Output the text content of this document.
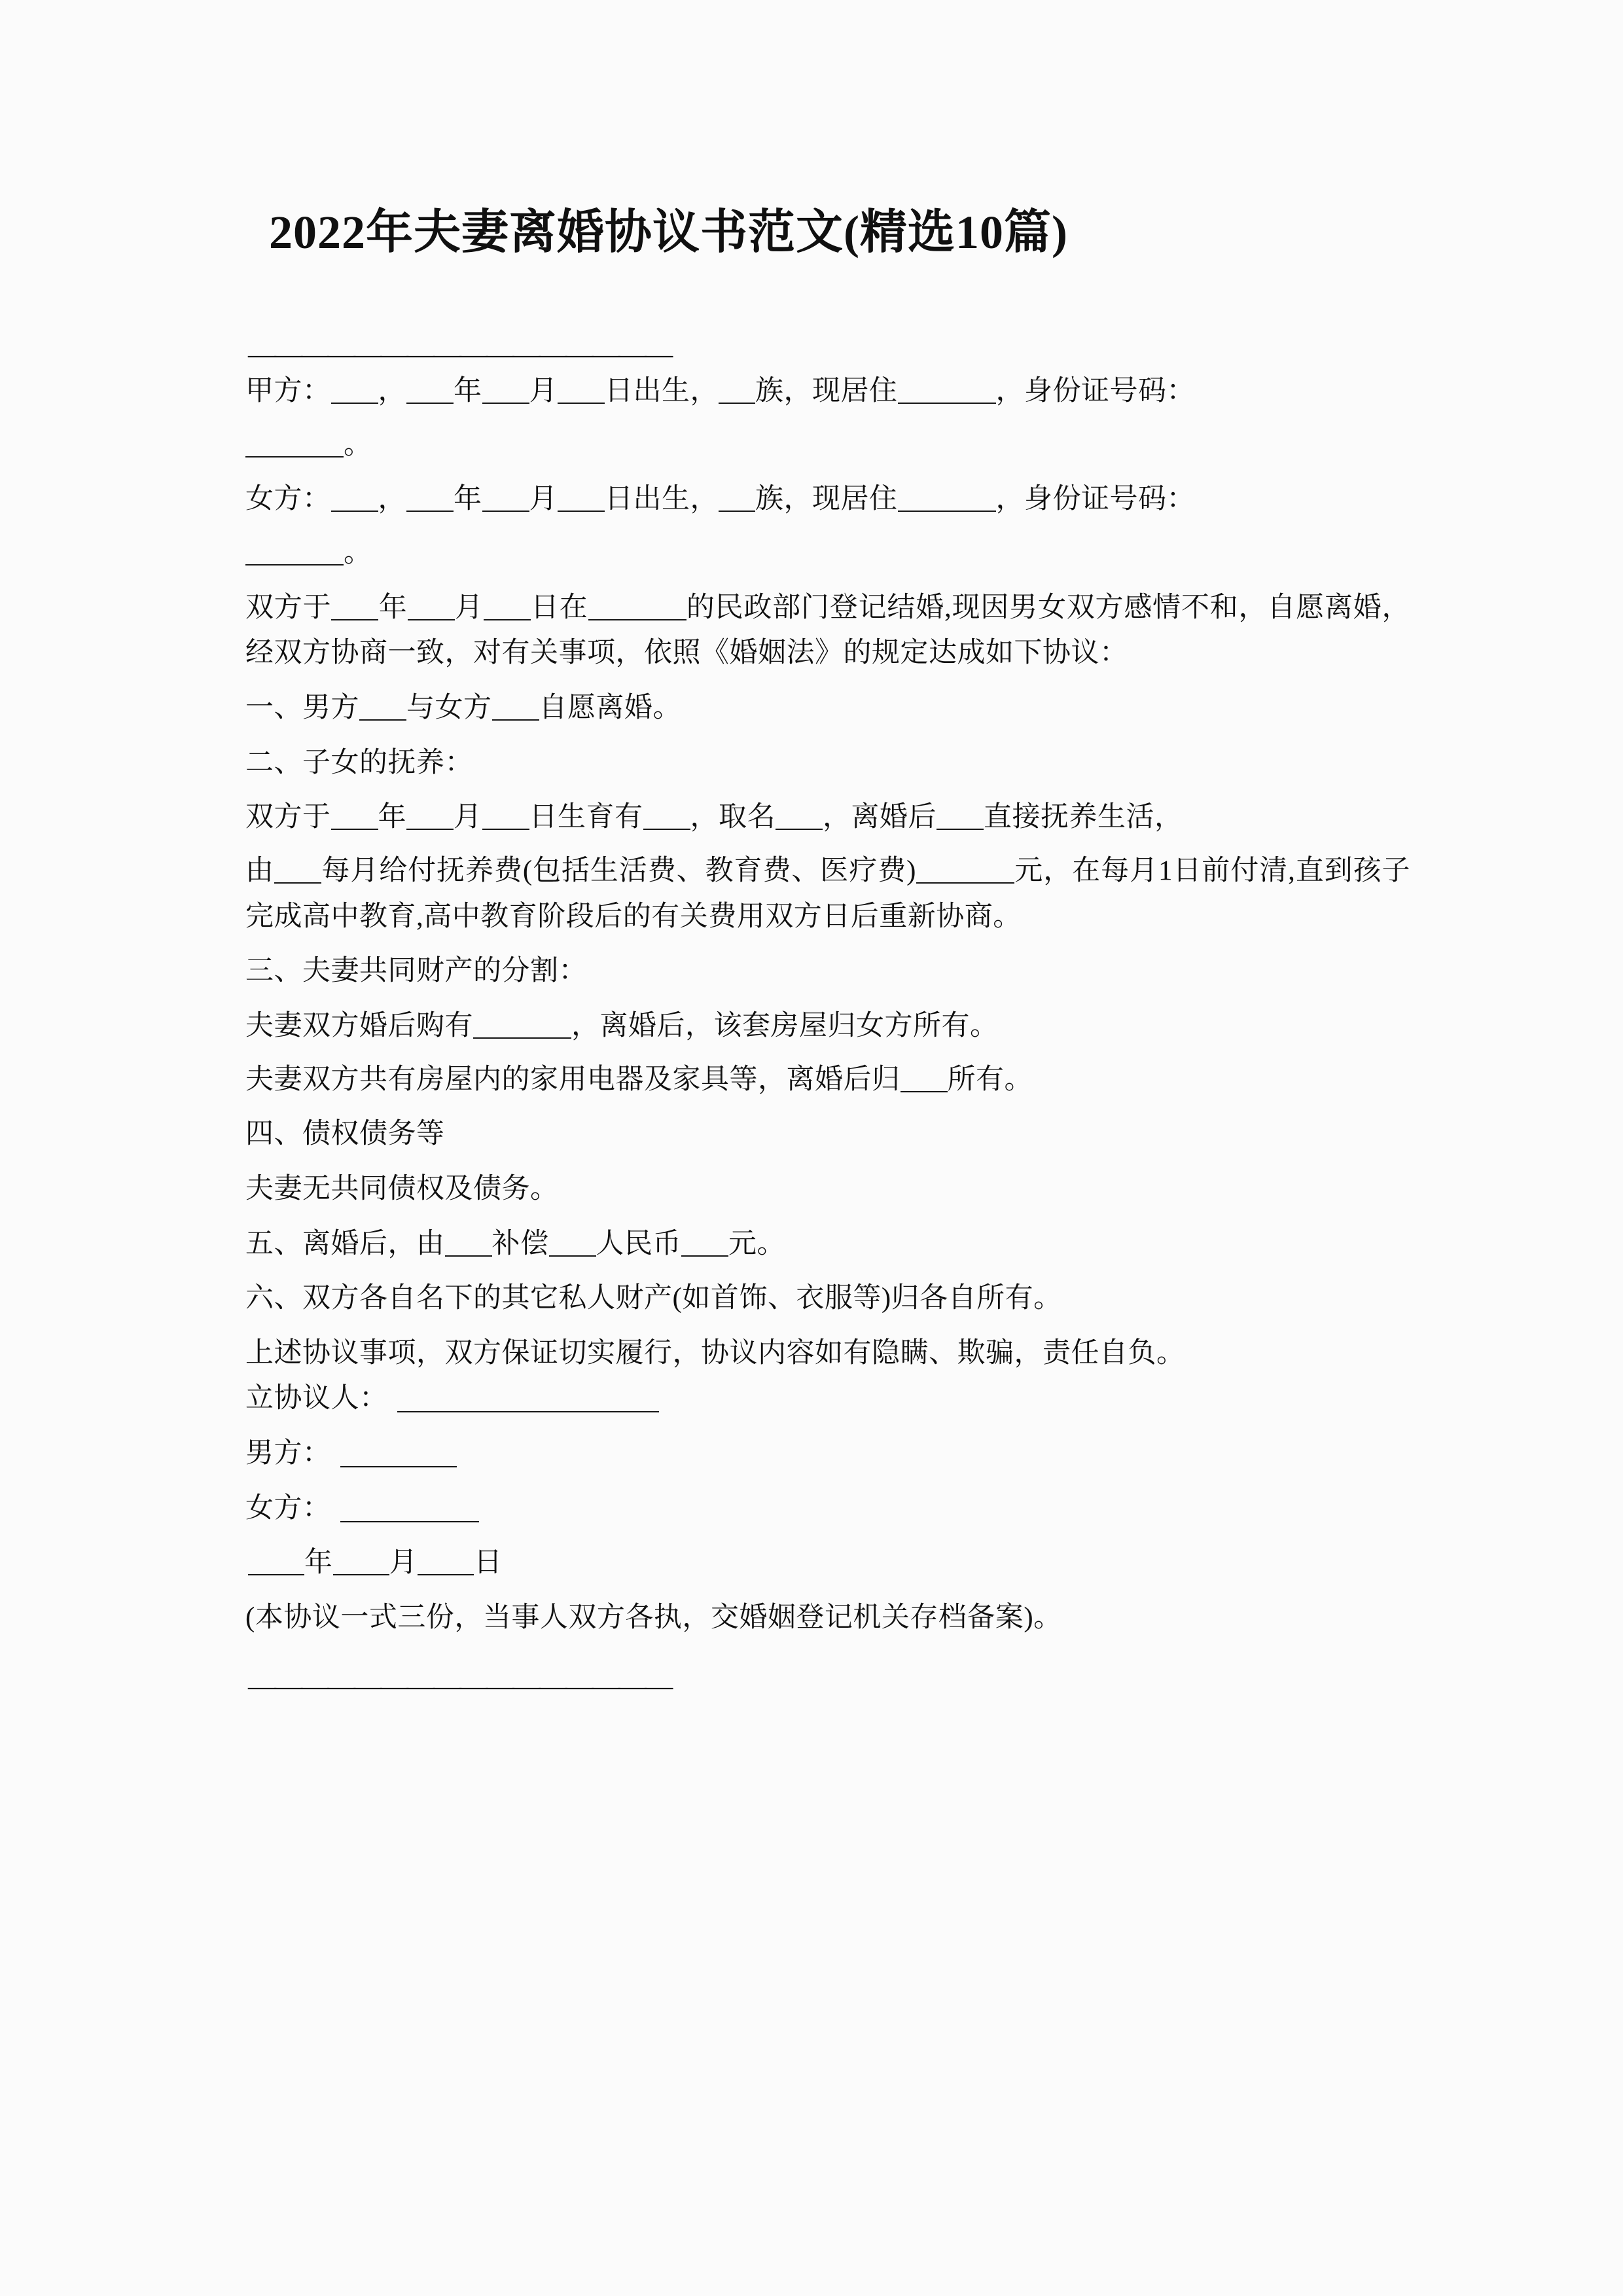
2022年夫妻离婚协议书范文(精选10篇)
————————————————

甲方： ， 年 月 日出生， 族，现居住	，身份证号码：

。

女方： ， 年 月 日出生， 族，现居住	，身份证号码：

。

双方于 年 月 日在	的民政部门登记结婚,现因男女双方感情不和，自愿离婚，经双方协商一致，对有关事项，依照《婚姻法》的规定达成如下协议：

一、男方 与女方 自愿离婚。

二、子女的抚养：

双方于 年 月 日生育有 ，取名 ，离婚后 直接抚养生活，

由 每月给付抚养费(包括生活费、教育费、医疗费)	元，在每月1日前付清,直到孩子完成高中教育,高中教育阶段后的有关费用双方日后重新协商。

三、夫妻共同财产的分割：

夫妻双方婚后购有	，离婚后，该套房屋归女方所有。

夫妻双方共有房屋内的家用电器及家具等，离婚后归 所有。

四、债权债务等

夫妻无共同债权及债务。

五、离婚后，由 补偿 人民币 元。

六、双方各自名下的其它私人财产(如首饰、衣服等)归各自所有。

上述协议事项，双方保证切实履行，协议内容如有隐瞒、欺骗，责任自负。

立协议人：

男方：

女方：

年 月 日

(本协议一式三份，当事人双方各执，交婚姻登记机关存档备案)。

————————————————
